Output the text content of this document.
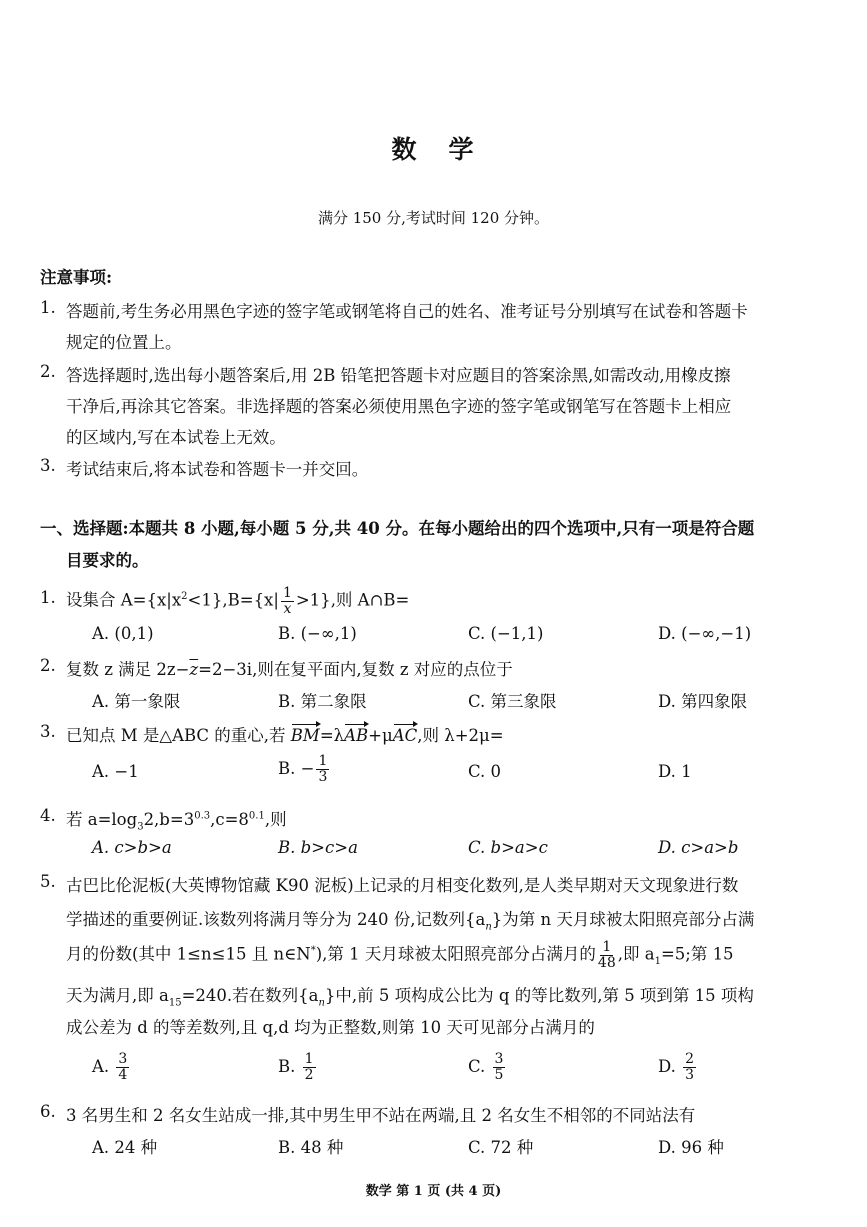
数 学
满分 150 分,考试时间 120 分钟。
注意事项:
1. 答题前,考生务必用黑色字迹的签字笔或钢笔将自己的姓名、准考证号分别填写在试卷和答题卡
规定的位置上。
2. 答选择题时,选出每小题答案后,用 2B 铅笔把答题卡对应题目的答案涂黑,如需改动,用橡皮擦
干净后,再涂其它答案。非选择题的答案必须使用黑色字迹的签字笔或钢笔写在答题卡上相应
的区域内,写在本试卷上无效。
3. 考试结束后,将本试卷和答题卡一并交回。
一、选择题:本题共 8 小题,每小题 5 分,共 40 分。在每小题给出的四个选项中,只有一项是符合题
目要求的。
1. 设集合 $A=\{x|x^2<1\},B=\{x| \frac{1}{x} >1\}$,则 A∩B=
A. (0,1)	B. (−∞,1)	C. (−1,1)	D. (−∞,−1)
2. 复数 z 满足 $2z-\overline{z}=2-3i$,则在复平面内,复数 z 对应的点位于
A. 第一象限	B. 第二象限	C. 第三象限	D. 第四象限
3. 已知点 M 是△ABC 的重心,若 BM=λAB+μAC,则 λ+2μ=
A. −1	B. − $\frac{1}{3}$	C. 0	D. 1
4. 若 $a=\log_32,b=3^{0.3},c=8^{0.1}$,则
A. c>b>a	B. b>c>a	C. b>a>c	D. c>a>b
5. 古巴比伦泥板(大英博物馆藏 K90 泥板)上记录的月相变化数列,是人类早期对天文现象进行数
学描述的重要例证.该数列将满月等分为 240 份,记数列$\{a_n\}$为第 n 天月球被太阳照亮部分占满
月的份数(其中 1≤n≤15 且 n∈N*),第 1 天月球被太阳照亮部分占满月的 $\frac{1}{48}$ ,即 $a_1=5$;第 15
天为满月,即 $a_{15}=240$.若在数列$\{a_n\}$中,前 5 项构成公比为 q 的等比数列,第 5 项到第 15 项构
成公差为 d 的等差数列,且 q,d 均为正整数,则第 10 天可见部分占满月的
A. $\frac{3}{4}$	B. $\frac{1}{2}$	C. $\frac{3}{5}$	D. $\frac{2}{3}$
6. 3 名男生和 2 名女生站成一排,其中男生甲不站在两端,且 2 名女生不相邻的不同站法有
A. 24 种	B. 48 种	C. 72 种	D. 96 种
数学 第 1 页 (共 4 页)
